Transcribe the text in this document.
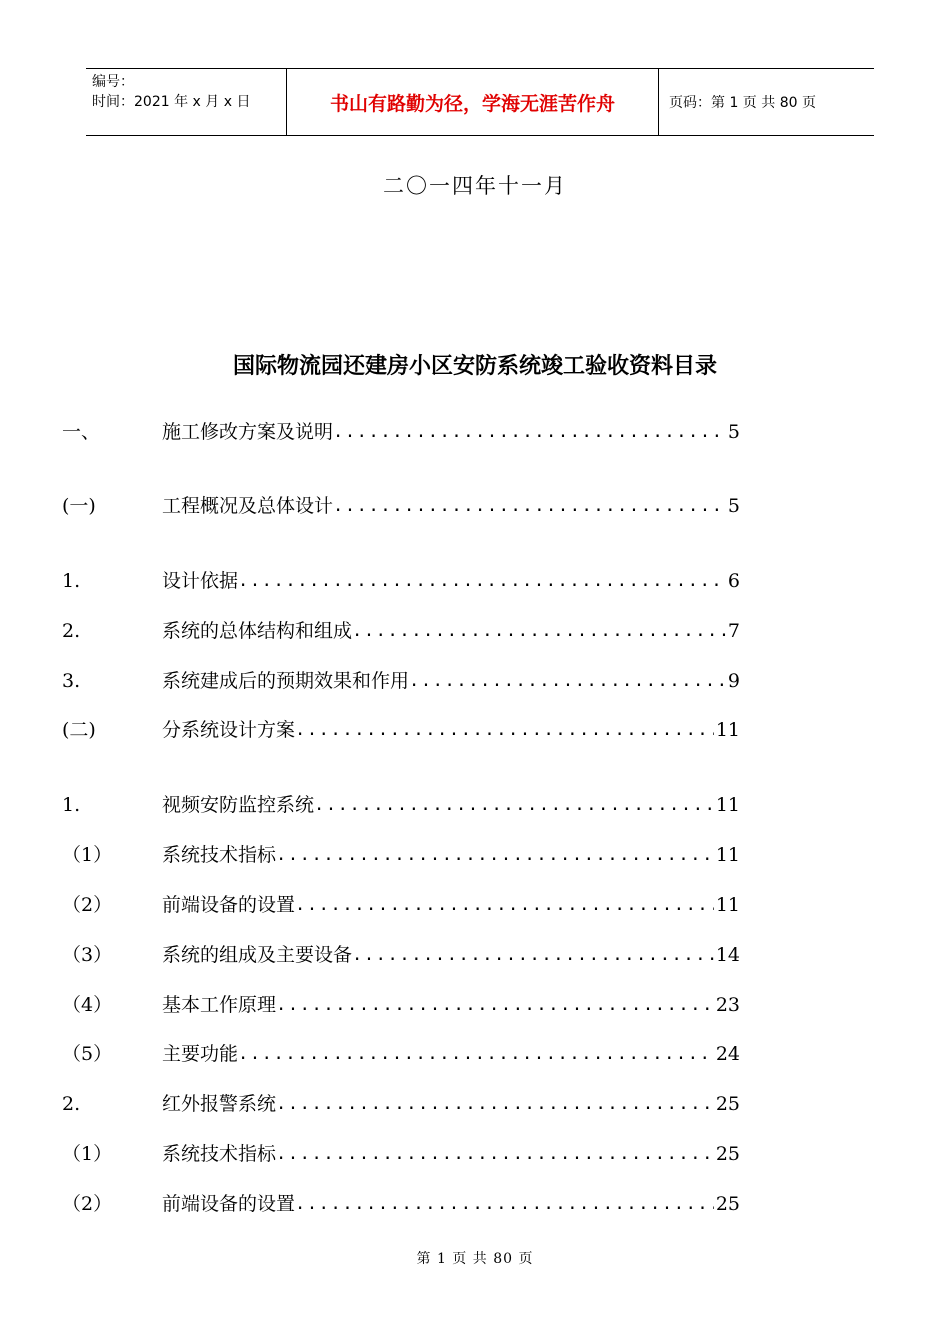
编号：
时间：2021 年 x 月 x 日	书山有路勤为径，学海无涯苦作舟	页码：第 1 页 共 80 页
二〇一四年十一月
国际物流园还建房小区安防系统竣工验收资料目录
一、	施工修改方案及说明 .....	5
(一)	工程概况及总体设计 .....	5
1.	设计依据 .....	6
2.	系统的总体结构和组成 .....	7
3.	系统建成后的预期效果和作用 .....	9
(二)	分系统设计方案 .....	11
1.	视频安防监控系统 .....	11
（1）	系统技术指标 .....	11
（2）	前端设备的设置 .....	11
（3）	系统的组成及主要设备 .....	14
（4）	基本工作原理 .....	23
（5）	主要功能 .....	24
2.	红外报警系统 .....	25
（1）	系统技术指标 .....	25
（2）	前端设备的设置 .....	25
第 1 页 共 80 页
